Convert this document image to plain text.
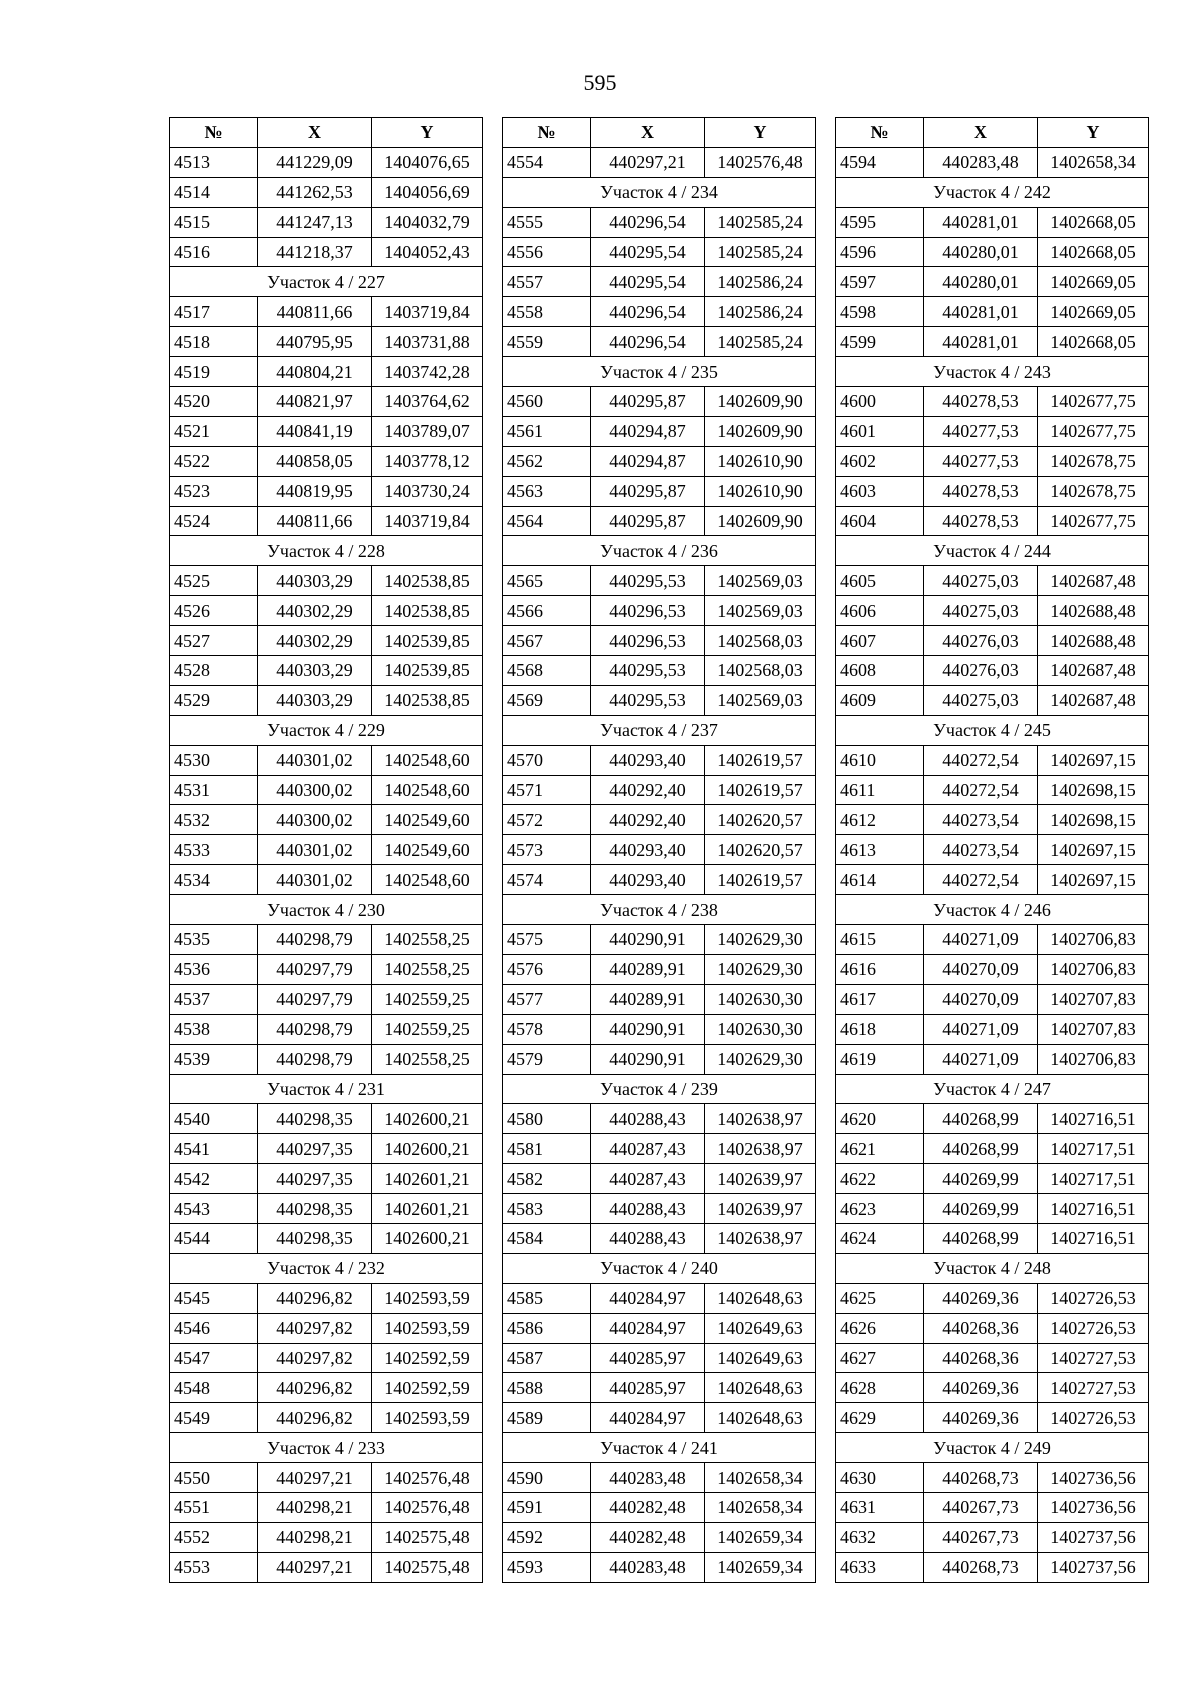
595
№	X	Y
4513	441229,09	1404076,65
4514	441262,53	1404056,69
4515	441247,13	1404032,79
4516	441218,37	1404052,43
Участок 4 / 227		
4517	440811,66	1403719,84
4518	440795,95	1403731,88
4519	440804,21	1403742,28
4520	440821,97	1403764,62
4521	440841,19	1403789,07
4522	440858,05	1403778,12
4523	440819,95	1403730,24
4524	440811,66	1403719,84
Участок 4 / 228		
4525	440303,29	1402538,85
4526	440302,29	1402538,85
4527	440302,29	1402539,85
4528	440303,29	1402539,85
4529	440303,29	1402538,85
Участок 4 / 229		
4530	440301,02	1402548,60
4531	440300,02	1402548,60
4532	440300,02	1402549,60
4533	440301,02	1402549,60
4534	440301,02	1402548,60
Участок 4 / 230		
4535	440298,79	1402558,25
4536	440297,79	1402558,25
4537	440297,79	1402559,25
4538	440298,79	1402559,25
4539	440298,79	1402558,25
Участок 4 / 231		
4540	440298,35	1402600,21
4541	440297,35	1402600,21
4542	440297,35	1402601,21
4543	440298,35	1402601,21
4544	440298,35	1402600,21
Участок 4 / 232		
4545	440296,82	1402593,59
4546	440297,82	1402593,59
4547	440297,82	1402592,59
4548	440296,82	1402592,59
4549	440296,82	1402593,59
Участок 4 / 233		
4550	440297,21	1402576,48
4551	440298,21	1402576,48
4552	440298,21	1402575,48
4553	440297,21	1402575,48
№	X	Y
4554	440297,21	1402576,48
Участок 4 / 234		
4555	440296,54	1402585,24
4556	440295,54	1402585,24
4557	440295,54	1402586,24
4558	440296,54	1402586,24
4559	440296,54	1402585,24
Участок 4 / 235		
4560	440295,87	1402609,90
4561	440294,87	1402609,90
4562	440294,87	1402610,90
4563	440295,87	1402610,90
4564	440295,87	1402609,90
Участок 4 / 236		
4565	440295,53	1402569,03
4566	440296,53	1402569,03
4567	440296,53	1402568,03
4568	440295,53	1402568,03
4569	440295,53	1402569,03
Участок 4 / 237		
4570	440293,40	1402619,57
4571	440292,40	1402619,57
4572	440292,40	1402620,57
4573	440293,40	1402620,57
4574	440293,40	1402619,57
Участок 4 / 238		
4575	440290,91	1402629,30
4576	440289,91	1402629,30
4577	440289,91	1402630,30
4578	440290,91	1402630,30
4579	440290,91	1402629,30
Участок 4 / 239		
4580	440288,43	1402638,97
4581	440287,43	1402638,97
4582	440287,43	1402639,97
4583	440288,43	1402639,97
4584	440288,43	1402638,97
Участок 4 / 240		
4585	440284,97	1402648,63
4586	440284,97	1402649,63
4587	440285,97	1402649,63
4588	440285,97	1402648,63
4589	440284,97	1402648,63
Участок 4 / 241		
4590	440283,48	1402658,34
4591	440282,48	1402658,34
4592	440282,48	1402659,34
4593	440283,48	1402659,34
№	X	Y
4594	440283,48	1402658,34
Участок 4 / 242		
4595	440281,01	1402668,05
4596	440280,01	1402668,05
4597	440280,01	1402669,05
4598	440281,01	1402669,05
4599	440281,01	1402668,05
Участок 4 / 243		
4600	440278,53	1402677,75
4601	440277,53	1402677,75
4602	440277,53	1402678,75
4603	440278,53	1402678,75
4604	440278,53	1402677,75
Участок 4 / 244		
4605	440275,03	1402687,48
4606	440275,03	1402688,48
4607	440276,03	1402688,48
4608	440276,03	1402687,48
4609	440275,03	1402687,48
Участок 4 / 245		
4610	440272,54	1402697,15
4611	440272,54	1402698,15
4612	440273,54	1402698,15
4613	440273,54	1402697,15
4614	440272,54	1402697,15
Участок 4 / 246		
4615	440271,09	1402706,83
4616	440270,09	1402706,83
4617	440270,09	1402707,83
4618	440271,09	1402707,83
4619	440271,09	1402706,83
Участок 4 / 247		
4620	440268,99	1402716,51
4621	440268,99	1402717,51
4622	440269,99	1402717,51
4623	440269,99	1402716,51
4624	440268,99	1402716,51
Участок 4 / 248		
4625	440269,36	1402726,53
4626	440268,36	1402726,53
4627	440268,36	1402727,53
4628	440269,36	1402727,53
4629	440269,36	1402726,53
Участок 4 / 249		
4630	440268,73	1402736,56
4631	440267,73	1402736,56
4632	440267,73	1402737,56
4633	440268,73	1402737,56
